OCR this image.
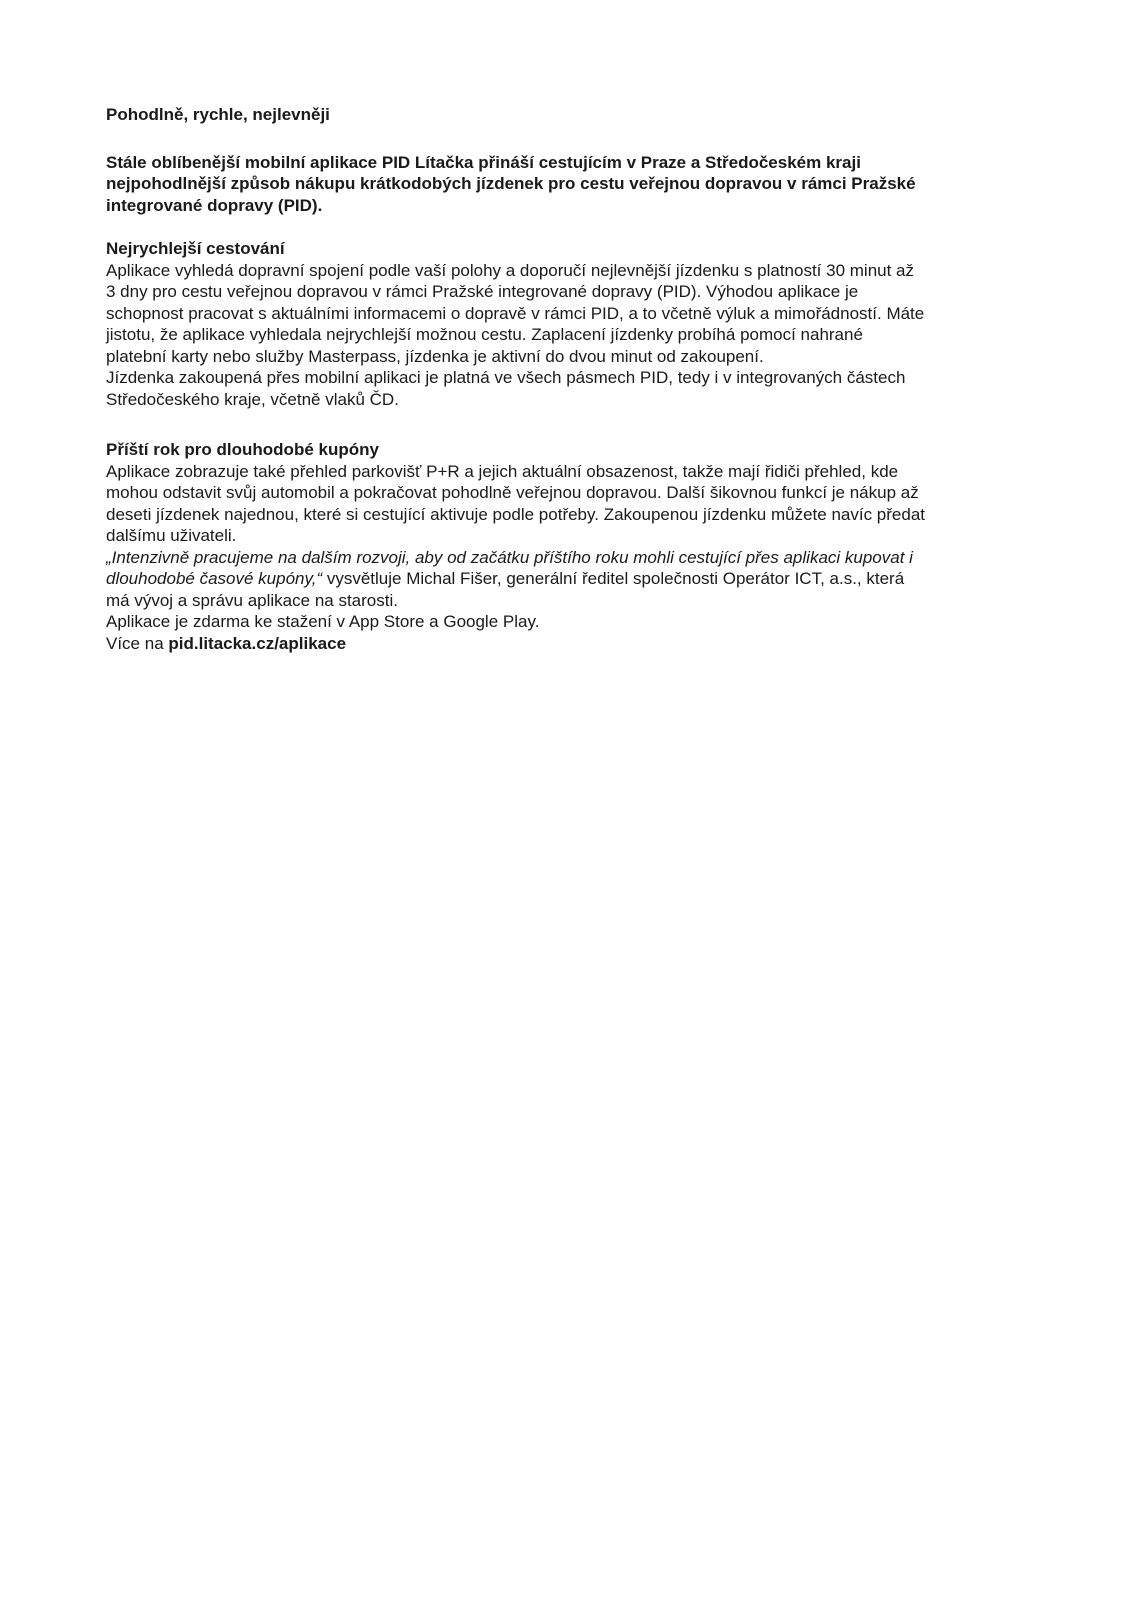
Pohodlně, rychle, nejlevněji
Stále oblíbenější mobilní aplikace PID Lítačka přináší cestujícím v Praze a Středočeském kraji
nejpohodlnější způsob nákupu krátkodobých jízdenek pro cestu veřejnou dopravou v rámci Pražské
integrované dopravy (PID).
Nejrychlejší cestování
Aplikace vyhledá dopravní spojení podle vaší polohy a doporučí nejlevnější jízdenku s platností 30 minut až
3 dny pro cestu veřejnou dopravou v rámci Pražské integrované dopravy (PID). Výhodou aplikace je
schopnost pracovat s aktuálními informacemi o dopravě v rámci PID, a to včetně výluk a mimořádností. Máte
jistotu, že aplikace vyhledala nejrychlejší možnou cestu. Zaplacení jízdenky probíhá pomocí nahrané
platební karty nebo služby Masterpass, jízdenka je aktivní do dvou minut od zakoupení.
Jízdenka zakoupená přes mobilní aplikaci je platná ve všech pásmech PID, tedy i v integrovaných částech
Středočeského kraje, včetně vlaků ČD.
Příští rok pro dlouhodobé kupóny
Aplikace zobrazuje také přehled parkovišť P+R a jejich aktuální obsazenost, takže mají řidiči přehled, kde
mohou odstavit svůj automobil a pokračovat pohodlně veřejnou dopravou. Další šikovnou funkcí je nákup až
deseti jízdenek najednou, které si cestující aktivuje podle potřeby. Zakoupenou jízdenku můžete navíc předat
dalšímu uživateli.
„Intenzivně pracujeme na dalším rozvoji, aby od začátku příštího roku mohli cestující přes aplikaci kupovat i
dlouhodobé časové kupóny,“ vysvětluje Michal Fišer, generální ředitel společnosti Operátor ICT, a.s., která
má vývoj a správu aplikace na starosti.
Aplikace je zdarma ke stažení v App Store a Google Play.
Více na pid.litacka.cz/aplikace
